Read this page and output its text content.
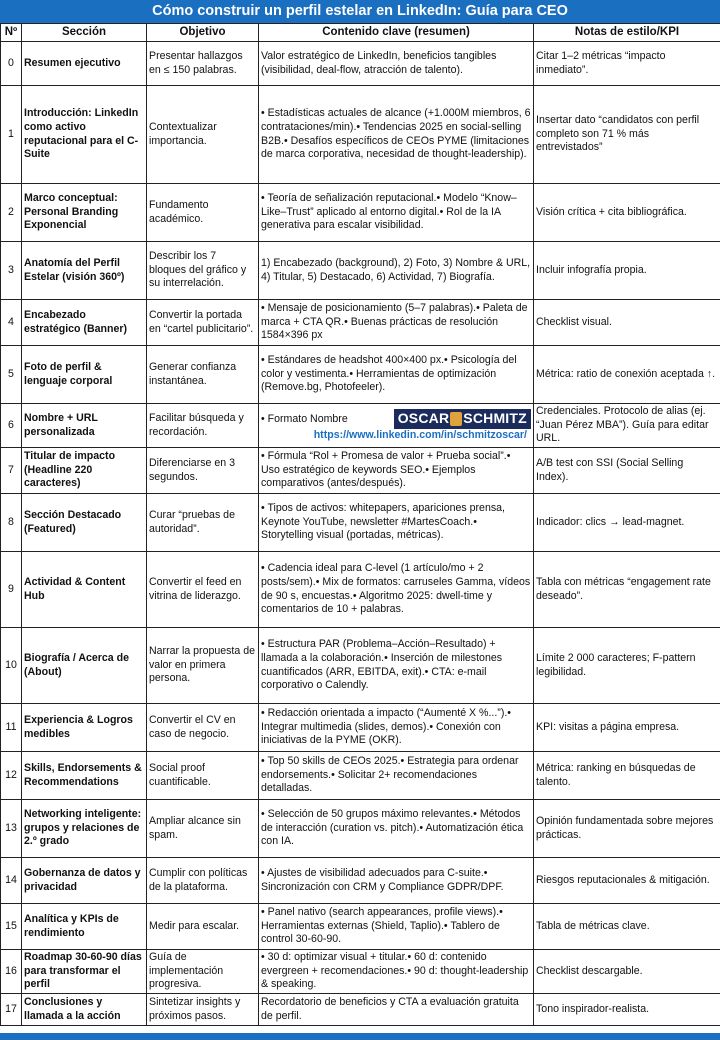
Cómo construir un perfil estelar en LinkedIn: Guía para CEO
Nº	Sección	Objetivo	Contenido clave (resumen)	Notas de estilo/KPI
0	Resumen ejecutivo	Presentar hallazgos en ≤ 150 palabras.	Valor estratégico de LinkedIn, beneficios tangibles (visibilidad, deal-flow, atracción de talento).	Citar 1–2 métricas “impacto inmediato”.
1	Introducción: LinkedIn como activo reputacional para el C-Suite	Contextualizar importancia.	• Estadísticas actuales de alcance (+1.000M miembros, 6 contrataciones/min).• Tendencias 2025 en social-selling B2B.• Desafíos específicos de CEOs PYME (limitaciones de marca corporativa, necesidad de thought-leadership).	Insertar dato “candidatos con perfil completo son 71 % más entrevistados”
2	Marco conceptual: Personal Branding Exponencial	Fundamento académico.	• Teoría de señalización reputacional.• Modelo “Know–Like–Trust” aplicado al entorno digital.• Rol de la IA generativa para escalar visibilidad.	Visión crítica + cita bibliográfica.
3	Anatomía del Perfil Estelar (visión 360º)	Describir los 7 bloques del gráfico y su interrelación.	1) Encabezado (background), 2) Foto, 3) Nombre & URL, 4) Titular, 5) Destacado, 6) Actividad, 7) Biografía.	Incluir infografía propia.
4	Encabezado estratégico (Banner)	Convertir la portada en “cartel publicitario”.	• Mensaje de posicionamiento (5–7 palabras).• Paleta de marca + CTA QR.• Buenas prácticas de resolución 1584×396 px	Checklist visual.
5	Foto de perfil & lenguaje corporal	Generar confianza instantánea.	• Estándares de headshot 400×400 px.• Psicología del color y vestimenta.• Herramientas de optimización (Remove.bg, Photofeeler).	Métrica: ratio de conexión aceptada ↑.
6	Nombre + URL personalizada	Facilitar búsqueda y recordación.	• Formato Nombre OSCAR SCHMITZ
https://www.linkedin.com/in/schmitzoscar/	Credenciales. Protocolo de alias (ej. “Juan Pérez MBA”). Guía para editar URL.
7	Titular de impacto (Headline 220 caracteres)	Diferenciarse en 3 segundos.	• Fórmula “Rol + Promesa de valor + Prueba social”.• Uso estratégico de keywords SEO.• Ejemplos comparativos (antes/después).	A/B test con SSI (Social Selling Index).
8	Sección Destacado (Featured)	Curar “pruebas de autoridad”.	• Tipos de activos: whitepapers, apariciones prensa, Keynote YouTube, newsletter #MartesCoach.• Storytelling visual (portadas, métricas).	Indicador: clics → lead-magnet.
9	Actividad & Content Hub	Convertir el feed en vitrina de liderazgo.	• Cadencia ideal para C-level (1 artículo/mo + 2 posts/sem).• Mix de formatos: carruseles Gamma, vídeos de 90 s, encuestas.• Algoritmo 2025: dwell-time y comentarios de 10 + palabras.	Tabla con métricas “engagement rate deseado”.
10	Biografía / Acerca de (About)	Narrar la propuesta de valor en primera persona.	• Estructura PAR (Problema–Acción–Resultado) + llamada a la colaboración.• Inserción de milestones cuantificados (ARR, EBITDA, exit).• CTA: e-mail corporativo o Calendly.	Límite 2 000 caracteres; F-pattern legibilidad.
11	Experiencia & Logros medibles	Convertir el CV en caso de negocio.	• Redacción orientada a impacto (“Aumenté X %...”).• Integrar multimedia (slides, demos).• Conexión con iniciativas de la PYME (OKR).	KPI: visitas a página empresa.
12	Skills, Endorsements & Recommendations	Social proof cuantificable.	• Top 50 skills de CEOs 2025.• Estrategia para ordenar endorsements.• Solicitar 2+ recomendaciones detalladas.	Métrica: ranking en búsquedas de talento.
13	Networking inteligente: grupos y relaciones de 2.º grado	Ampliar alcance sin spam.	• Selección de 50 grupos máximo relevantes.• Métodos de interacción (curation vs. pitch).• Automatización ética con IA.	Opinión fundamentada sobre mejores prácticas.
14	Gobernanza de datos y privacidad	Cumplir con políticas de la plataforma.	• Ajustes de visibilidad adecuados para C-suite.• Sincronización con CRM y Compliance GDPR/DPF.	Riesgos reputacionales & mitigación.
15	Analítica y KPIs de rendimiento	Medir para escalar.	• Panel nativo (search appearances, profile views).• Herramientas externas (Shield, Taplio).• Tablero de control 30-60-90.	Tabla de métricas clave.
16	Roadmap 30-60-90 días para transformar el perfil	Guía de implementación progresiva.	• 30 d: optimizar visual + titular.• 60 d: contenido evergreen + recomendaciones.• 90 d: thought-leadership & speaking.	Checklist descargable.
17	Conclusiones y llamada a la acción	Sintetizar insights y próximos pasos.	Recordatorio de beneficios y CTA a evaluación gratuita de perfil.	Tono inspirador-realista.
